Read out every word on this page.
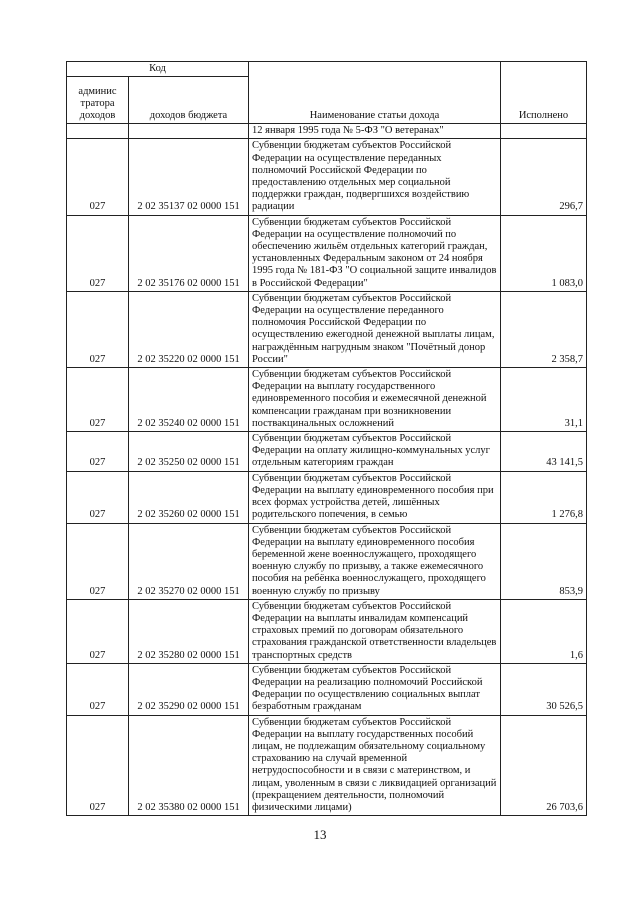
Код		Наименование статьи дохода	Исполнено
админис тратора доходов	доходов бюджета		
		12 января 1995 года № 5-ФЗ "О ветеранах"	
027	2 02 35137 02 0000 151	Субвенции бюджетам субъектов Российской Федерации на осуществление переданных полномочий Российской Федерации по предоставлению отдельных мер социальной поддержки граждан, подвергшихся воздействию радиации	296,7
027	2 02 35176 02 0000 151	Субвенции бюджетам субъектов Российской Федерации на осуществление полномочий по обеспечению жильём отдельных категорий граждан, установленных Федеральным законом от 24 ноября 1995 года № 181-ФЗ "О социальной защите инвалидов в Российской Федерации"	1 083,0
027	2 02 35220 02 0000 151	Субвенции бюджетам субъектов Российской Федерации на осуществление переданного полномочия Российской Федерации по осуществлению ежегодной денежной выплаты лицам, награждённым нагрудным знаком "Почётный донор России"	2 358,7
027	2 02 35240 02 0000 151	Субвенции бюджетам субъектов Российской Федерации на выплату государственного единовременного пособия и ежемесячной денежной компенсации гражданам при возникновении поствакцинальных осложнений	31,1
027	2 02 35250 02 0000 151	Субвенции бюджетам субъектов Российской Федерации на оплату жилищно-коммунальных услуг отдельным категориям граждан	43 141,5
027	2 02 35260 02 0000 151	Субвенции бюджетам субъектов Российской Федерации на выплату единовременного пособия при всех формах устройства детей, лишённых родительского попечения, в семью	1 276,8
027	2 02 35270 02 0000 151	Субвенции бюджетам субъектов Российской Федерации на выплату единовременного пособия беременной жене военнослужащего, проходящего военную службу по призыву, а также ежемесячного пособия на ребёнка военнослужащего, проходящего военную службу по призыву	853,9
027	2 02 35280 02 0000 151	Субвенции бюджетам субъектов Российской Федерации на выплаты инвалидам компенсаций страховых премий по договорам обязательного страхования гражданской ответственности владельцев транспортных средств	1,6
027	2 02 35290 02 0000 151	Субвенции бюджетам субъектов Российской Федерации на реализацию полномочий Российской Федерации по осуществлению социальных выплат безработным гражданам	30 526,5
027	2 02 35380 02 0000 151	Субвенции бюджетам субъектов Российской Федерации на выплату государственных пособий лицам, не подлежащим обязательному социальному страхованию на случай временной нетрудоспособности и в связи с материнством, и лицам, уволенным в связи с ликвидацией организаций (прекращением деятельности, полномочий физическими лицами)	26 703,6
13
